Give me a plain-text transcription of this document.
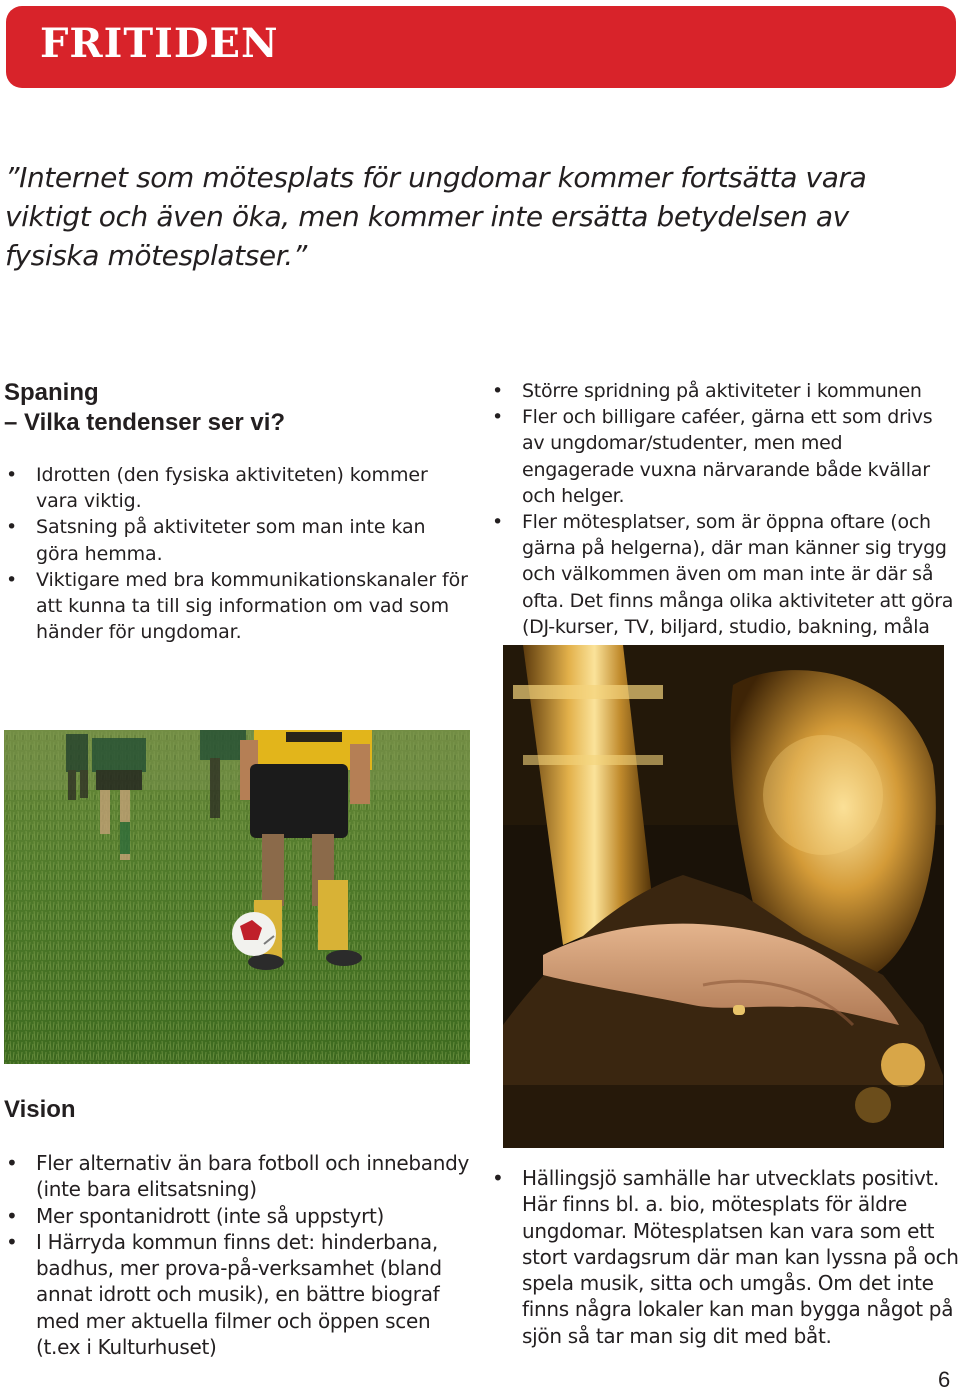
FRITIDEN

”Internet som mötesplats för ungdomar kommer fortsätta vara viktigt och även öka, men kommer inte ersätta betydelsen av fysiska mötesplatser.”

Spaning
– Vilka tendenser ser vi?
• Idrotten (den fysiska aktiviteten) kommer vara viktig.
• Satsning på aktiviteter som man inte kan göra hemma.
• Viktigare med bra kommunikationskanaler för att kunna ta till sig information om vad som händer för ungdomar.
• Större spridning på aktiviteter i kommunen
• Fler och billigare caféer, gärna ett som drivs av ungdomar/studenter, men med engagerade vuxna närvarande både kvällar och helger.
• Fler mötesplatser, som är öppna oftare (och gärna på helgerna), där man känner sig trygg och välkommen även om man inte är där så ofta. Det finns många olika aktiviteter att göra (DJ-kurser, TV, biljard, studio, bakning, måla
Vision
• Fler alternativ än bara fotboll och innebandy (inte bara elitsatsning)
• Mer spontanidrott (inte så uppstyrt)
• I Härryda kommun finns det: hinderbana, badhus, mer prova-på-verksamhet (bland annat idrott och musik), en bättre biograf med mer aktuella filmer och öppen scen (t.ex i Kulturhuset)
• Hällingsjö samhälle har utvecklats positivt. Här finns bl. a. bio, mötesplats för äldre ungdomar. Mötesplatsen kan vara som ett stort vardagsrum där man kan lyssna på och spela musik, sitta och umgås. Om det inte finns några lokaler kan man bygga något på sjön så tar man sig dit med båt.

6
